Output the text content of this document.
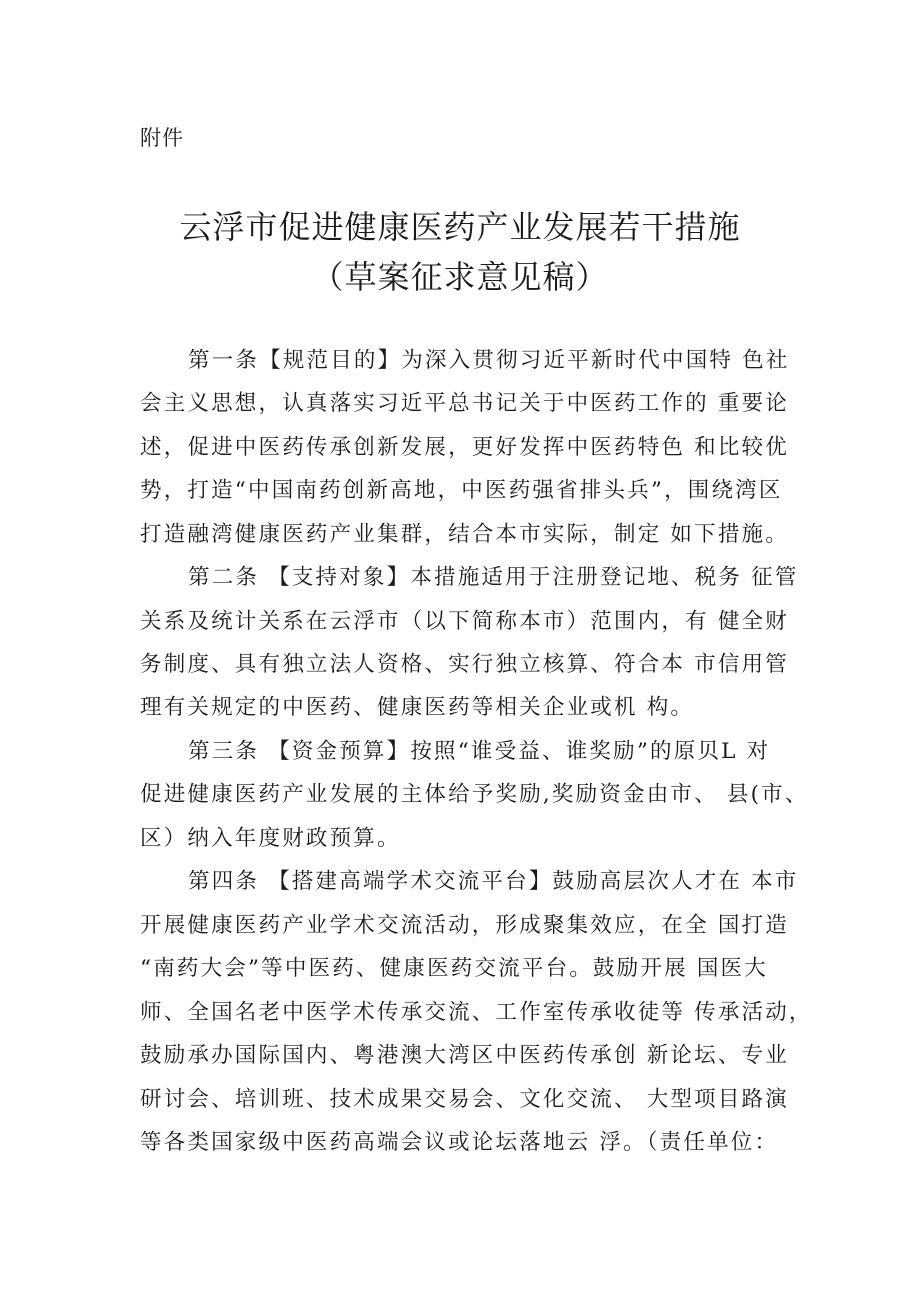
附件
云浮市促进健康医药产业发展若干措施
（草案征求意见稿）
第一条【规范目的】为深入贯彻习近平新时代中国特 色社
会主义思想，认真落实习近平总书记关于中医药工作的 重要论
述，促进中医药传承创新发展，更好发挥中医药特色 和比较优
势，打造“中国南药创新高地，中医药强省排头兵”，围绕湾区
打造融湾健康医药产业集群，结合本市实际，制定 如下措施。
第二条 【支持对象】本措施适用于注册登记地、税务 征管
关系及统计关系在云浮市（以下简称本市）范围内，有 健全财
务制度、具有独立法人资格、实行独立核算、符合本 市信用管
理有关规定的中医药、健康医药等相关企业或机 构。
第三条 【资金预算】按照“谁受益、谁奖励”的原贝L 对
促进健康医药产业发展的主体给予奖励,奖励资金由市、 县(市、
区）纳入年度财政预算。
第四条 【搭建高端学术交流平台】鼓励高层次人才在 本市
开展健康医药产业学术交流活动，形成聚集效应，在全 国打造
“南药大会”等中医药、健康医药交流平台。鼓励开展 国医大
师、全国名老中医学术传承交流、工作室传承收徒等 传承活动，
鼓励承办国际国内、粤港澳大湾区中医药传承创 新论坛、专业
研讨会、培训班、技术成果交易会、文化交流、 大型项目路演
等各类国家级中医药高端会议或论坛落地云 浮。（责任单位：
